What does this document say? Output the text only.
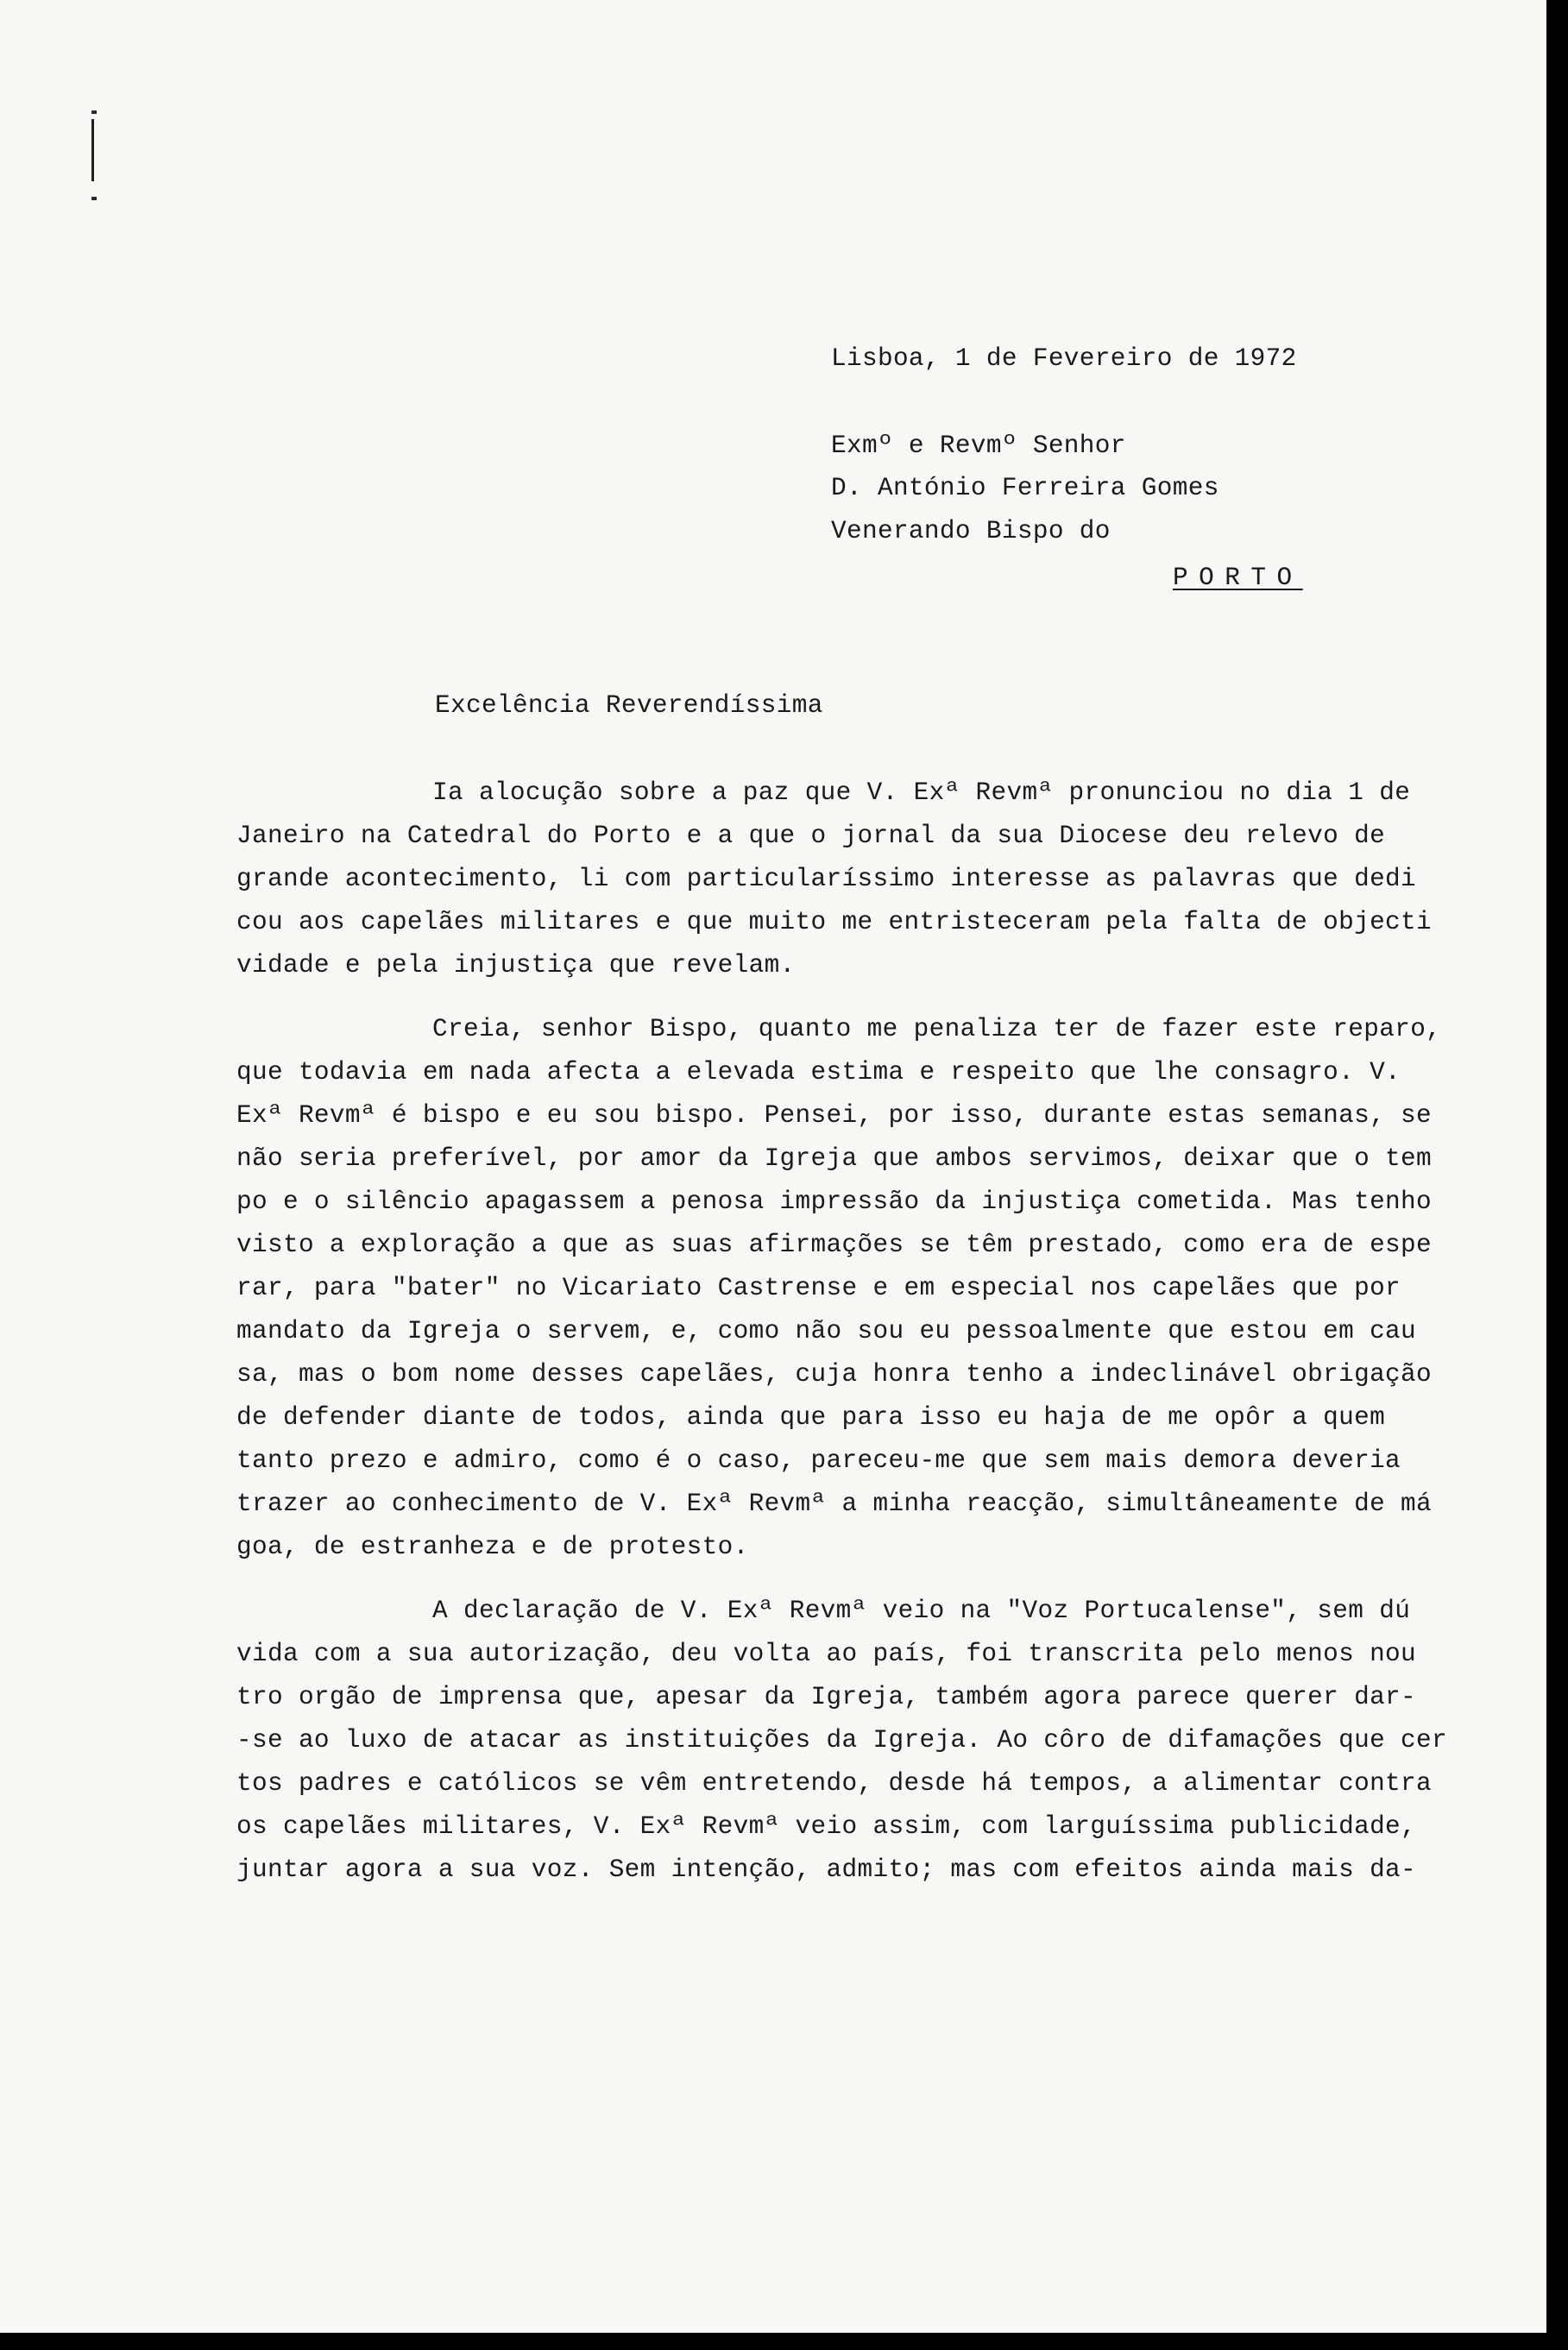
Lisboa, 1 de Fevereiro de 1972
Exmº e Revmº Senhor
D. António Ferreira Gomes
Venerando Bispo do
PORTO
Excelência Reverendíssima
Ia alocução sobre a paz que V. Exª Revmª pronunciou no dia 1 de
Janeiro na Catedral do Porto e a que o jornal da sua Diocese deu relevo de
grande acontecimento, li com particularíssimo interesse as palavras que dedi
cou aos capelães militares e que muito me entristeceram pela falta de objecti
vidade e pela injustiça que revelam.
Creia, senhor Bispo, quanto me penaliza ter de fazer este reparo,
que todavia em nada afecta a elevada estima e respeito que lhe consagro. V.
Exª Revmª é bispo e eu sou bispo. Pensei, por isso, durante estas semanas, se
não seria preferível, por amor da Igreja que ambos servimos, deixar que o tem
po e o silêncio apagassem a penosa impressão da injustiça cometida. Mas tenho
visto a exploração a que as suas afirmações se têm prestado, como era de espe
rar, para "bater" no Vicariato Castrense e em especial nos capelães que por
mandato da Igreja o servem, e, como não sou eu pessoalmente que estou em cau
sa, mas o bom nome desses capelães, cuja honra tenho a indeclinável obrigação
de defender diante de todos, ainda que para isso eu haja de me opôr a quem
tanto prezo e admiro, como é o caso, pareceu-me que sem mais demora deveria
trazer ao conhecimento de V. Exª Revmª a minha reacção, simultâneamente de má
goa, de estranheza e de protesto.
A declaração de V. Exª Revmª veio na "Voz Portucalense", sem dú
vida com a sua autorização, deu volta ao país, foi transcrita pelo menos nou
tro orgão de imprensa que, apesar da Igreja, também agora parece querer dar-
-se ao luxo de atacar as instituições da Igreja. Ao côro de difamações que cer
tos padres e católicos se vêm entretendo, desde há tempos, a alimentar contra
os capelães militares, V. Exª Revmª veio assim, com larguíssima publicidade,
juntar agora a sua voz. Sem intenção, admito; mas com efeitos ainda mais da-
